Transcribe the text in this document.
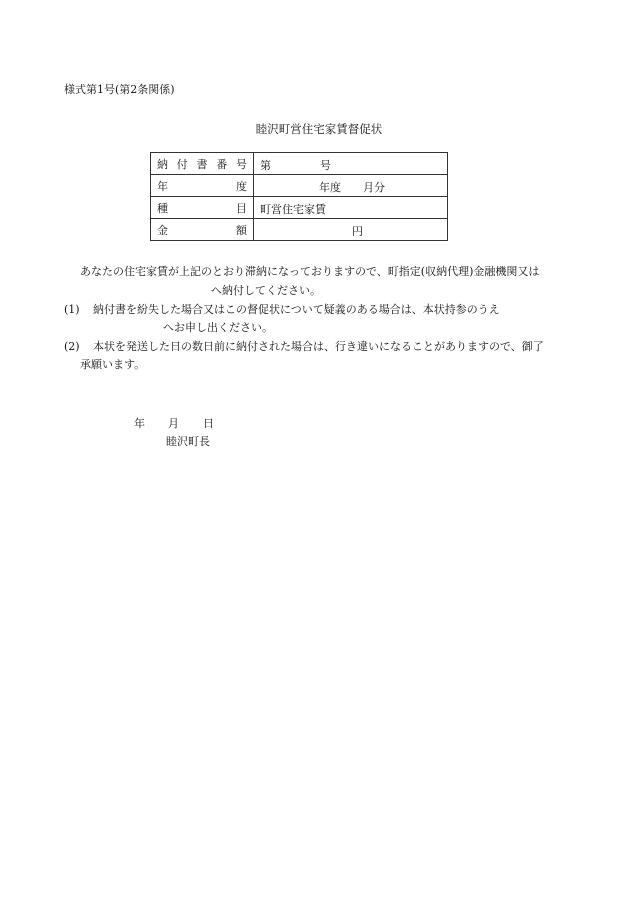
様式第1号(第2条関係)
睦沢町営住宅家賃督促状
納 付 書 番 号	第 号

年 度	年度 月分

種 目	町営住宅家賃

金 額	円
あなたの住宅家賃が上記のとおり滞納になっておりますので、町指定(収納代理)金融機関又は
へ納付してください。
(1) 納付書を紛失した場合又はこの督促状について疑義のある場合は、本状持参のうえ
へお申し出ください。
(2) 本状を発送した日の数日前に納付された場合は、行き違いになることがありますので、御了
承願います。
年 月 日
睦沢町長
